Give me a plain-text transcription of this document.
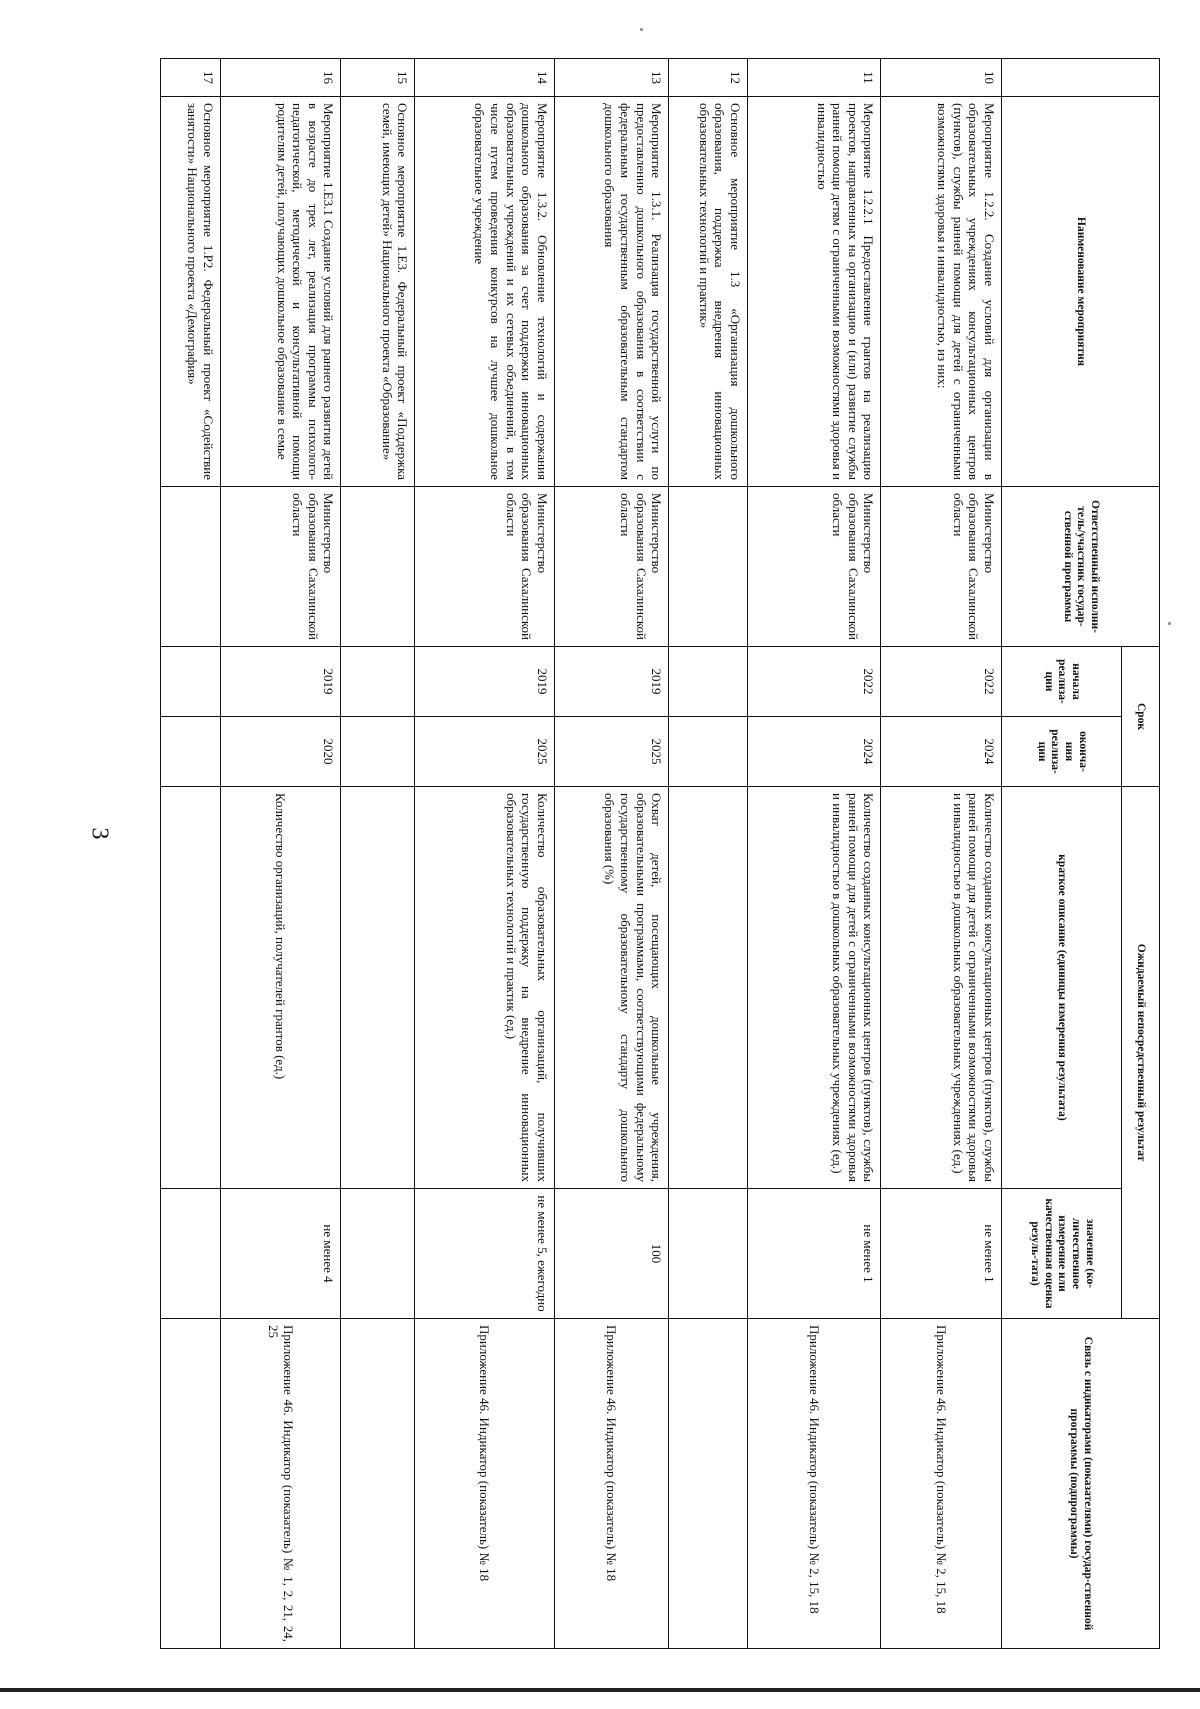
3
	Наименование мероприятия	Ответственный исполни-тель/участник государ-ственной программы	Срок		Ожидаемый непосредственный результат		Связь с индикаторами (показателями) государ-ственной программы (подпрограммы)
			начала реализа-ции	оконча-ния реализа-ции	краткое описание (единицы измерения результата)	значение (ко-личественное измерение или качественная оценка резуль-тата)	
10	Мероприятие 1.2.2. Создание условий для организации в образовательных учреждениях консультационных центров (пунктов), службы ранней помощи для детей с ограниченными возможностями здоровья и инвалидностью, из них:	Министерство образования Сахалинской области	2022	2024	Количество созданных консультационных центров (пунктов), службы ранней помощи для детей с ограниченными возможностями здоровья и инвалидностью в дошкольных образовательных учреждениях (ед.)	не менее 1	Приложение 46. Индикатор (показатель) № 2, 15, 18
11	Мероприятие 1.2.2.1 Предоставление грантов на реализацию проектов, направленных на организацию и (или) развитие службы ранней помощи детям с ограниченными возможностями здоровья и инвалидностью	Министерство образования Сахалинской области	2022	2024	Количество созданных консультационных центров (пунктов), службы ранней помощи для детей с ограниченными возможностями здоровья и инвалидностью в дошкольных образовательных учреждениях (ед.)	не менее 1	Приложение 46. Индикатор (показатель) № 2, 15, 18
12	Основное мероприятие 1.3 «Организация дошкольного образования, поддержка внедрения инновационных образовательных технологий и практик»						
13	Мероприятие 1.3.1. Реализация государственной услуги по предоставлению дошкольного образования в соответствии с федеральным государственным образовательным стандартом дошкольного образования	Министерство образования Сахалинской области	2019	2025	Охват детей, посещающих дошкольные учреждения, образовательными программами, соответствующими федеральному государственному образовательному стандарту дошкольного образования (%)	100	Приложение 46. Индикатор (показатель) № 18
14	Мероприятие 1.3.2. Обновление технологий и содержания дошкольного образования за счет поддержки инновационных образовательных учреждений и их сетевых объединений, в том числе путем проведения конкурсов на лучшее дошкольное образовательное учреждение	Министерство образования Сахалинской области	2019	2025	Количество образовательных организаций, получивших государственную поддержку на внедрение инновационных образовательных технологий и практик (ед.)	не менее 5, ежегодно	Приложение 46. Индикатор (показатель) № 18
15	Основное мероприятие 1.Е3. Федеральный проект «Поддержка семей, имеющих детей» Национального проекта «Образование»						
16	Мероприятие 1.Е3.1 Создание условий для раннего развития детей в возрасте до трех лет, реализация программы психолого-педагогической, методической и консультативной помощи родителям детей, получающих дошкольное образование в семье	Министерство образования Сахалинской области	2019	2020	Количество организаций, получателей грантов (ед.)	не менее 4	Приложение 46. Индикатор (показатель) № 1, 2, 21, 24, 25
17	Основное мероприятие 1.Р2. Федеральный проект «Содействие занятости» Национального проекта «Демография»						
